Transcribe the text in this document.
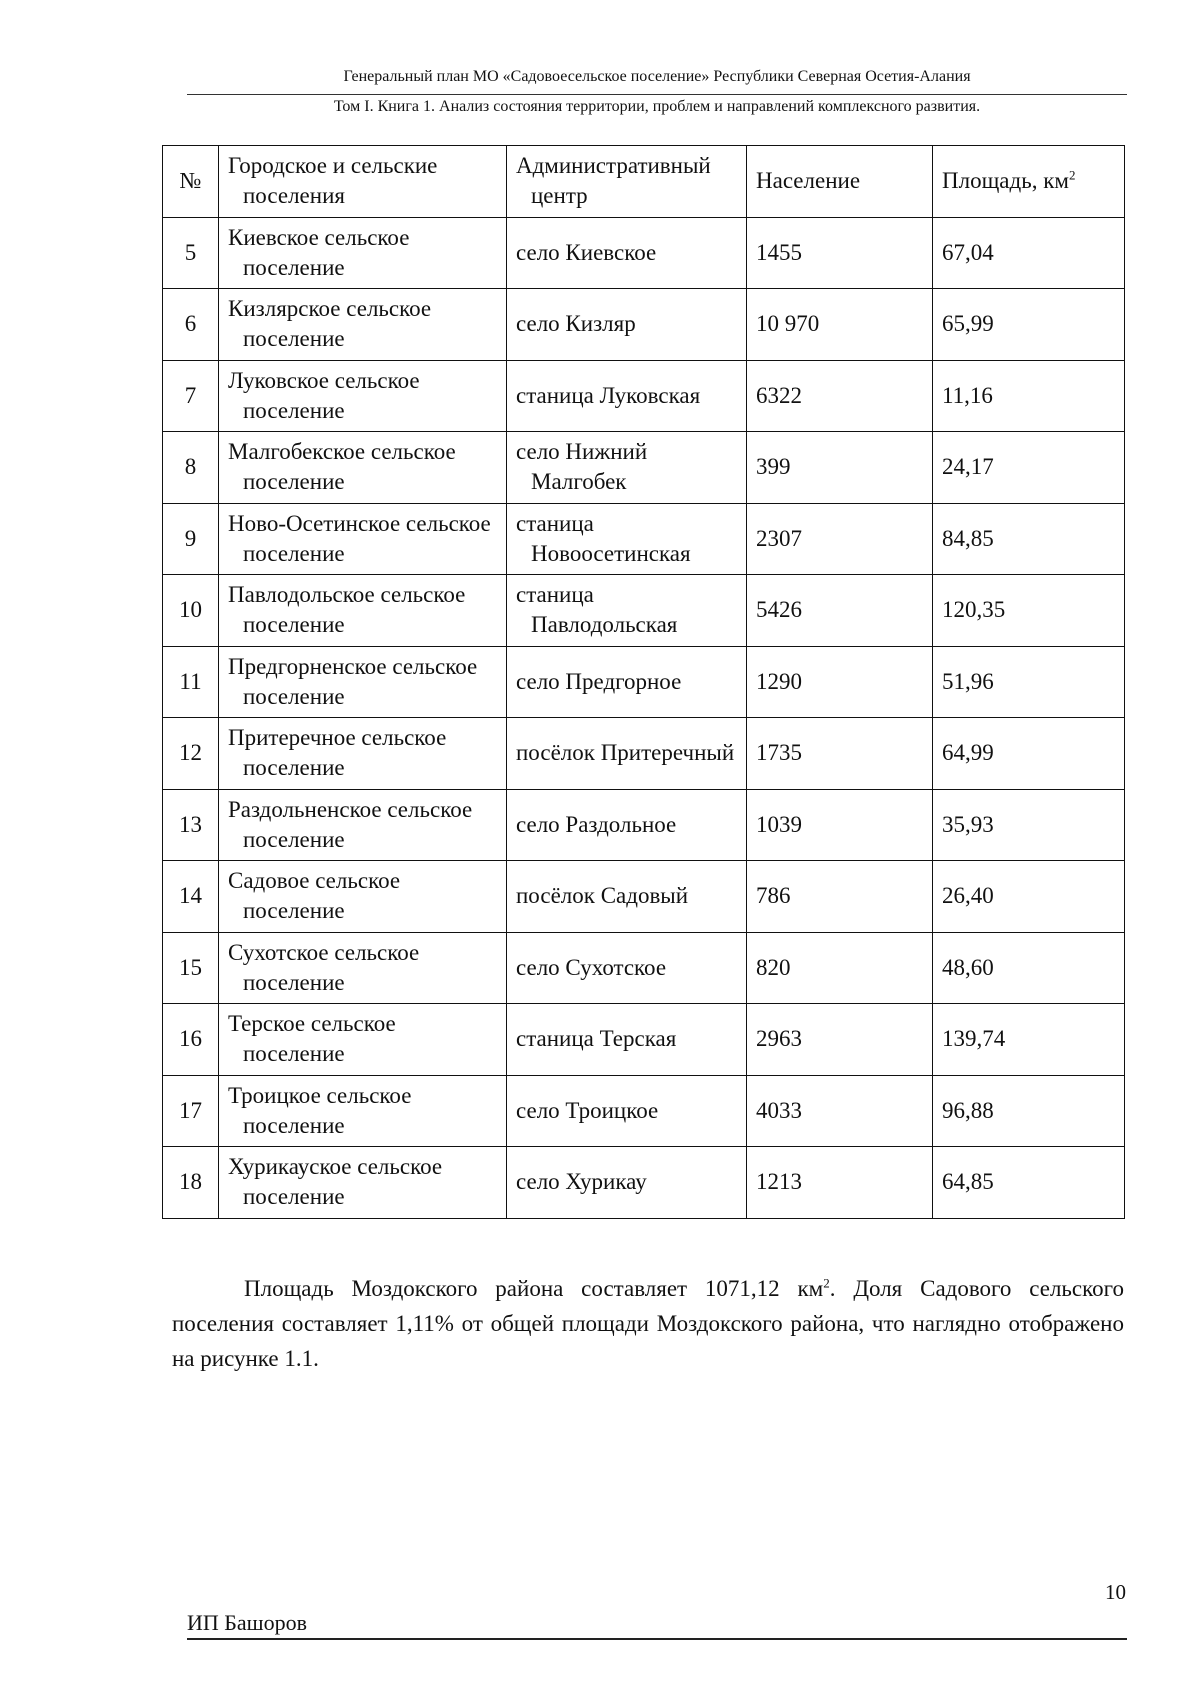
Генеральный план МО «Садовоесельское поселение» Республики Северная Осетия-Алания
Том I. Книга 1. Анализ состояния территории, проблем и направлений комплексного развития.
№	Городское и сельские поселения	Административный центр	Население	Площадь, $км^2$
5	Киевское сельское поселение	село Киевское	1455	67,04
6	Кизлярское сельское поселение	село Кизляр	10 970	65,99
7	Луковское сельское поселение	станица Луковская	6322	11,16
8	Малгобекское сельское поселение	село Нижний Малгобек	399	24,17
9	Ново-Осетинское сельское поселение	станица Новоосетинская	2307	84,85
10	Павлодольское сельское поселение	станица Павлодольская	5426	120,35
11	Предгорненское сельское поселение	село Предгорное	1290	51,96
12	Притеречное сельское поселение	посёлок Притеречный	1735	64,99
13	Раздольненское сельское поселение	село Раздольное	1039	35,93
14	Садовое сельское поселение	посёлок Садовый	786	26,40
15	Сухотское сельское поселение	село Сухотское	820	48,60
16	Терское сельское поселение	станица Терская	2963	139,74
17	Троицкое сельское поселение	село Троицкое	4033	96,88
18	Хурикауское сельское поселение	село Хурикау	1213	64,85

Площадь Моздокского района составляет 1071,12 $км^2$. Доля Садового сельского поселения составляет 1,11% от общей площади Моздокского района, что наглядно отображено на рисунке 1.1.

10
ИП Башоров
